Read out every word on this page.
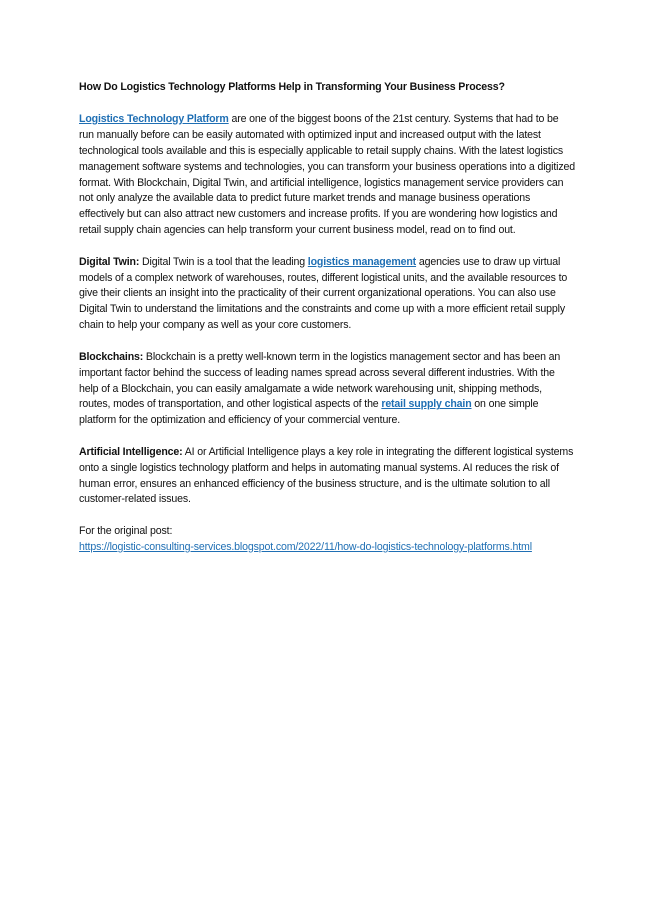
How Do Logistics Technology Platforms Help in Transforming Your Business Process?

Logistics Technology Platform are one of the biggest boons of the 21st century. Systems that had to be run manually before can be easily automated with optimized input and increased output with the latest technological tools available and this is especially applicable to retail supply chains. With the latest logistics management software systems and technologies, you can transform your business operations into a digitized format. With Blockchain, Digital Twin, and artificial intelligence, logistics management service providers can not only analyze the available data to predict future market trends and manage business operations effectively but can also attract new customers and increase profits. If you are wondering how logistics and retail supply chain agencies can help transform your current business model, read on to find out.

Digital Twin: Digital Twin is a tool that the leading logistics management agencies use to draw up virtual models of a complex network of warehouses, routes, different logistical units, and the available resources to give their clients an insight into the practicality of their current organizational operations. You can also use Digital Twin to understand the limitations and the constraints and come up with a more efficient retail supply chain to help your company as well as your core customers.

Blockchains: Blockchain is a pretty well-known term in the logistics management sector and has been an important factor behind the success of leading names spread across several different industries. With the help of a Blockchain, you can easily amalgamate a wide network warehousing unit, shipping methods, routes, modes of transportation, and other logistical aspects of the retail supply chain on one simple platform for the optimization and efficiency of your commercial venture.

Artificial Intelligence: AI or Artificial Intelligence plays a key role in integrating the different logistical systems onto a single logistics technology platform and helps in automating manual systems. AI reduces the risk of human error, ensures an enhanced efficiency of the business structure, and is the ultimate solution to all customer-related issues.

For the original post:
https://logistic-consulting-services.blogspot.com/2022/11/how-do-logistics-technology-platforms.html
